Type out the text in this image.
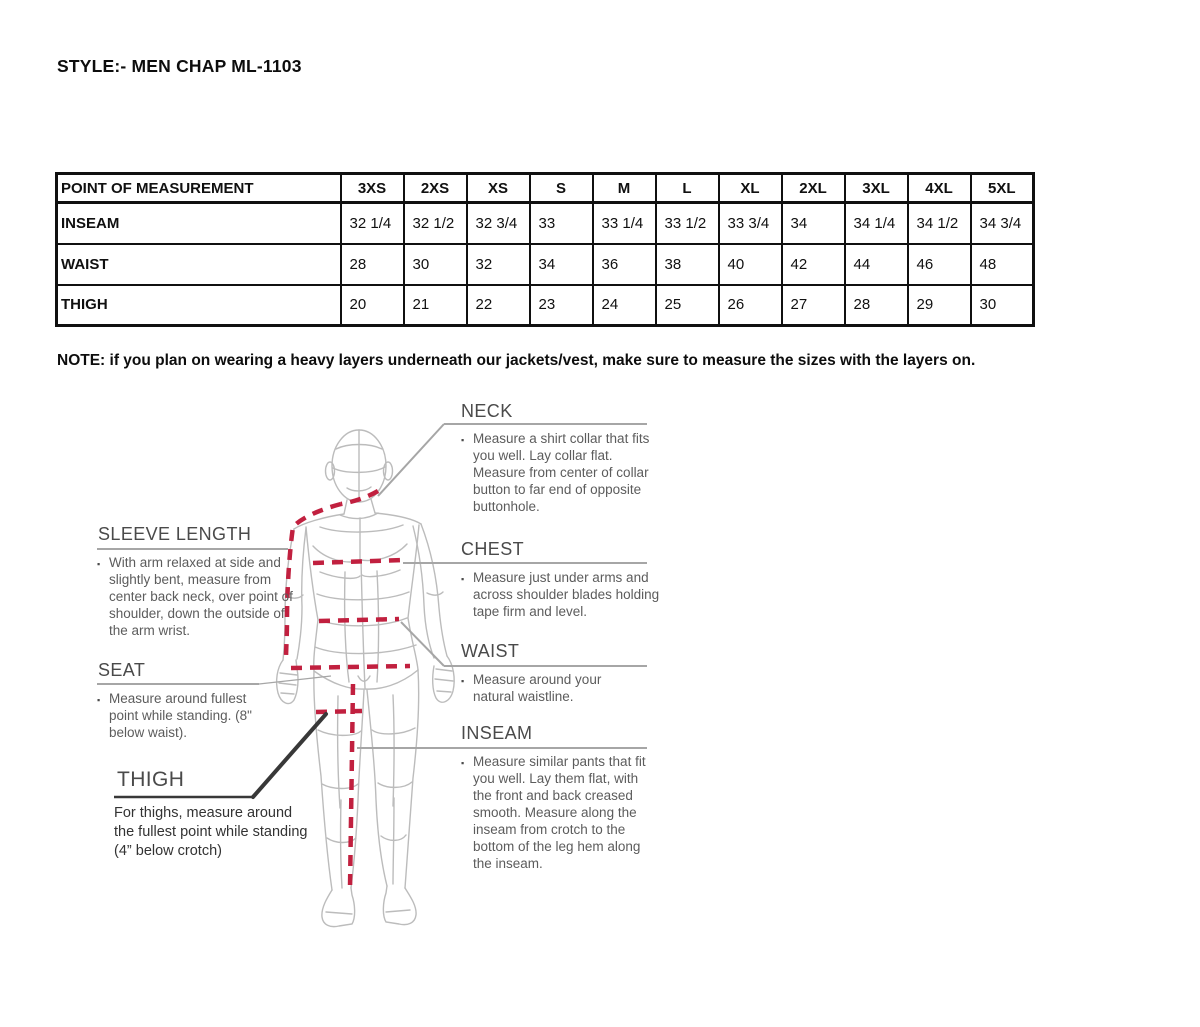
STYLE:- MEN CHAP ML-1103
POINT OF MEASUREMENT	3XS	2XS	XS	S	M	L	XL	2XL	3XL	4XL	5XL
INSEAM	32 1/4	32 1/2	32 3/4	33	33 1/4	33 1/2	33 3/4	34	34 1/4	34 1/2	34 3/4
WAIST	28	30	32	34	36	38	40	42	44	46	48
THIGH	20	21	22	23	24	25	26	27	28	29	30
NOTE: if you plan on wearing a heavy layers underneath our jackets/vest, make sure to measure the sizes with the layers on.
NECK
▪ Measure a shirt collar that fits you well. Lay collar flat. Measure from center of collar button to far end of opposite buttonhole.
CHEST
▪ Measure just under arms and across shoulder blades holding tape firm and level.
WAIST
▪ Measure around your natural waistline.
INSEAM
▪ Measure similar pants that fit you well. Lay them flat, with the front and back creased smooth. Measure along the inseam from crotch to the bottom of the leg hem along the inseam.
SLEEVE LENGTH
▪ With arm relaxed at side and slightly bent, measure from center back neck, over point of shoulder, down the outside of the arm wrist.
SEAT
▪ Measure around fullest point while standing. (8" below waist).
THIGH
For thighs, measure around the fullest point while standing (4” below crotch)
